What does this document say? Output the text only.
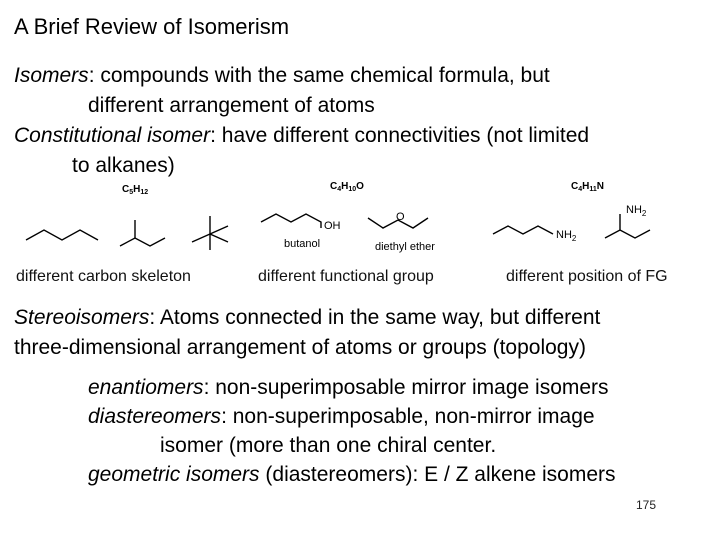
A Brief Review of Isomerism
Isomers: compounds with the same chemical formula, but
different arrangement of atoms
Constitutional isomer: have different connectivities (not limited
to alkanes)
$C_5H_{12}$
$C_4H_{10}O$
OH
butanol
O
diethyl ether
$C_4H_{11}N$
$NH_2$
$NH_2$
different carbon skeleton	different functional group	different position of FG
Stereoisomers: Atoms connected in the same way, but different
three-dimensional arrangement of atoms or groups (topology)
enantiomers: non-superimposable mirror image isomers
diastereomers: non-superimposable, non-mirror image
isomer (more than one chiral center.
geometric isomers (diastereomers): E / Z alkene isomers
175
